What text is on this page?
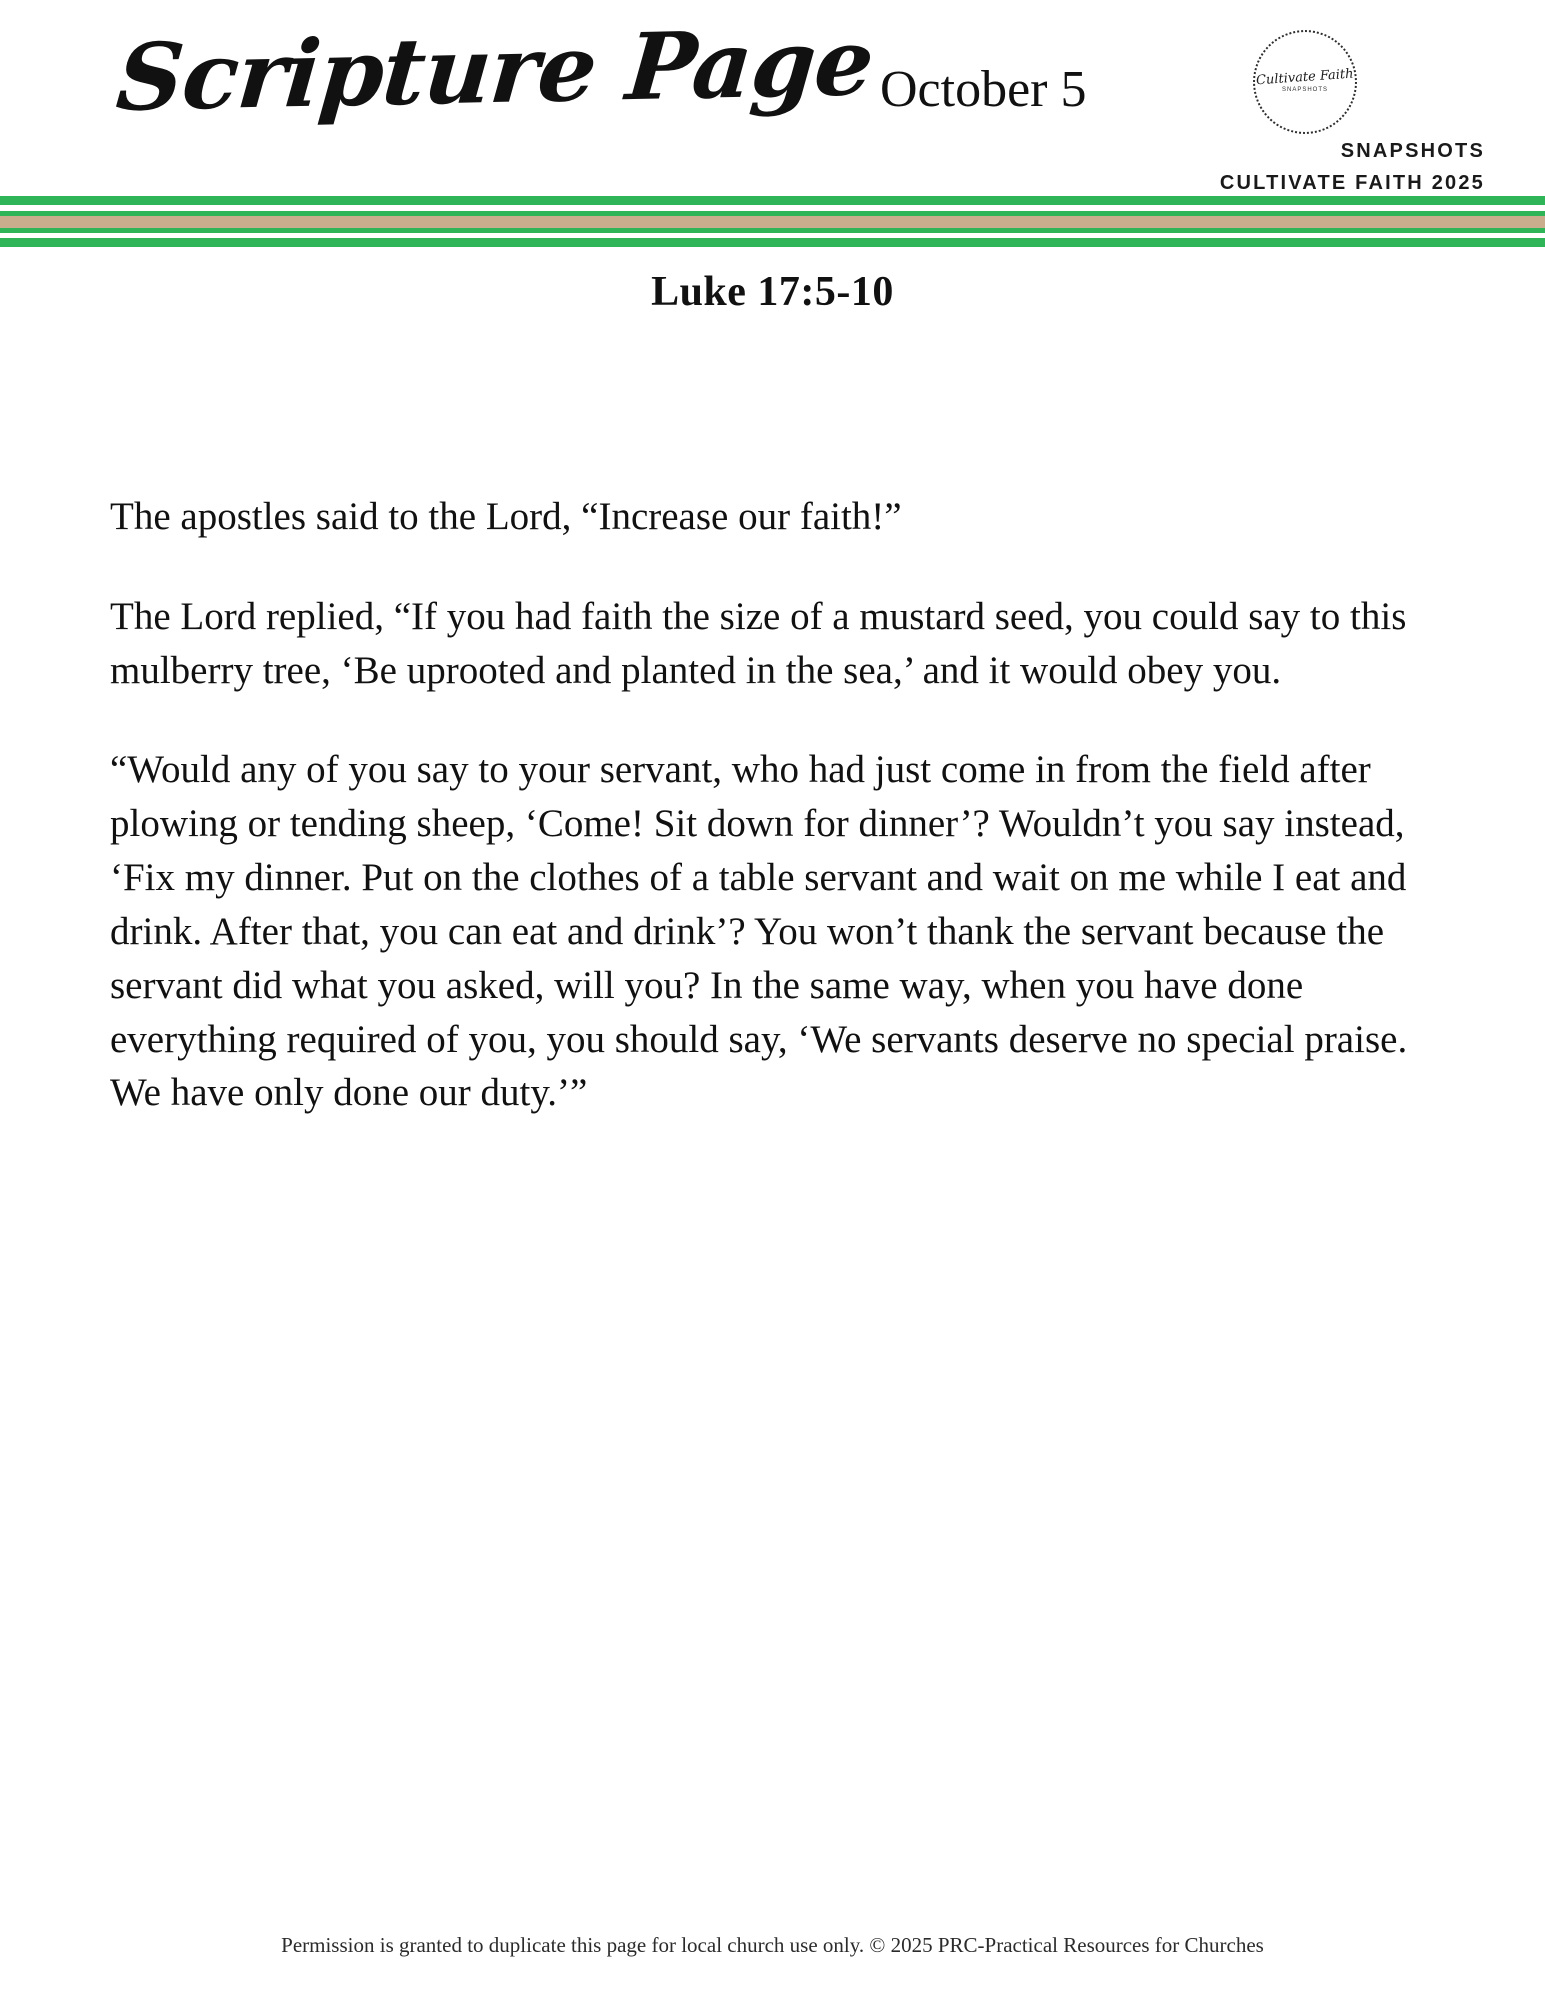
Scripture Page October 5	Cultivate Faith
SNAPSHOTS
SNAPSHOTS
CULTIVATE FAITH 2025
Luke 17:5-10

The apostles said to the Lord, “Increase our faith!”

The Lord replied, “If you had faith the size of a mustard seed, you could say to this mulberry tree, ‘Be uprooted and planted in the sea,’ and it would obey you.

“Would any of you say to your servant, who had just come in from the field after plowing or tending sheep, ‘Come! Sit down for dinner’? Wouldn’t you say instead, ‘Fix my dinner. Put on the clothes of a table servant and wait on me while I eat and drink. After that, you can eat and drink’? You won’t thank the servant because the servant did what you asked, will you? In the same way, when you have done everything required of you, you should say, ‘We servants deserve no special praise. We have only done our duty.’”

Permission is granted to duplicate this page for local church use only. © 2025 PRC-Practical Resources for Churches
